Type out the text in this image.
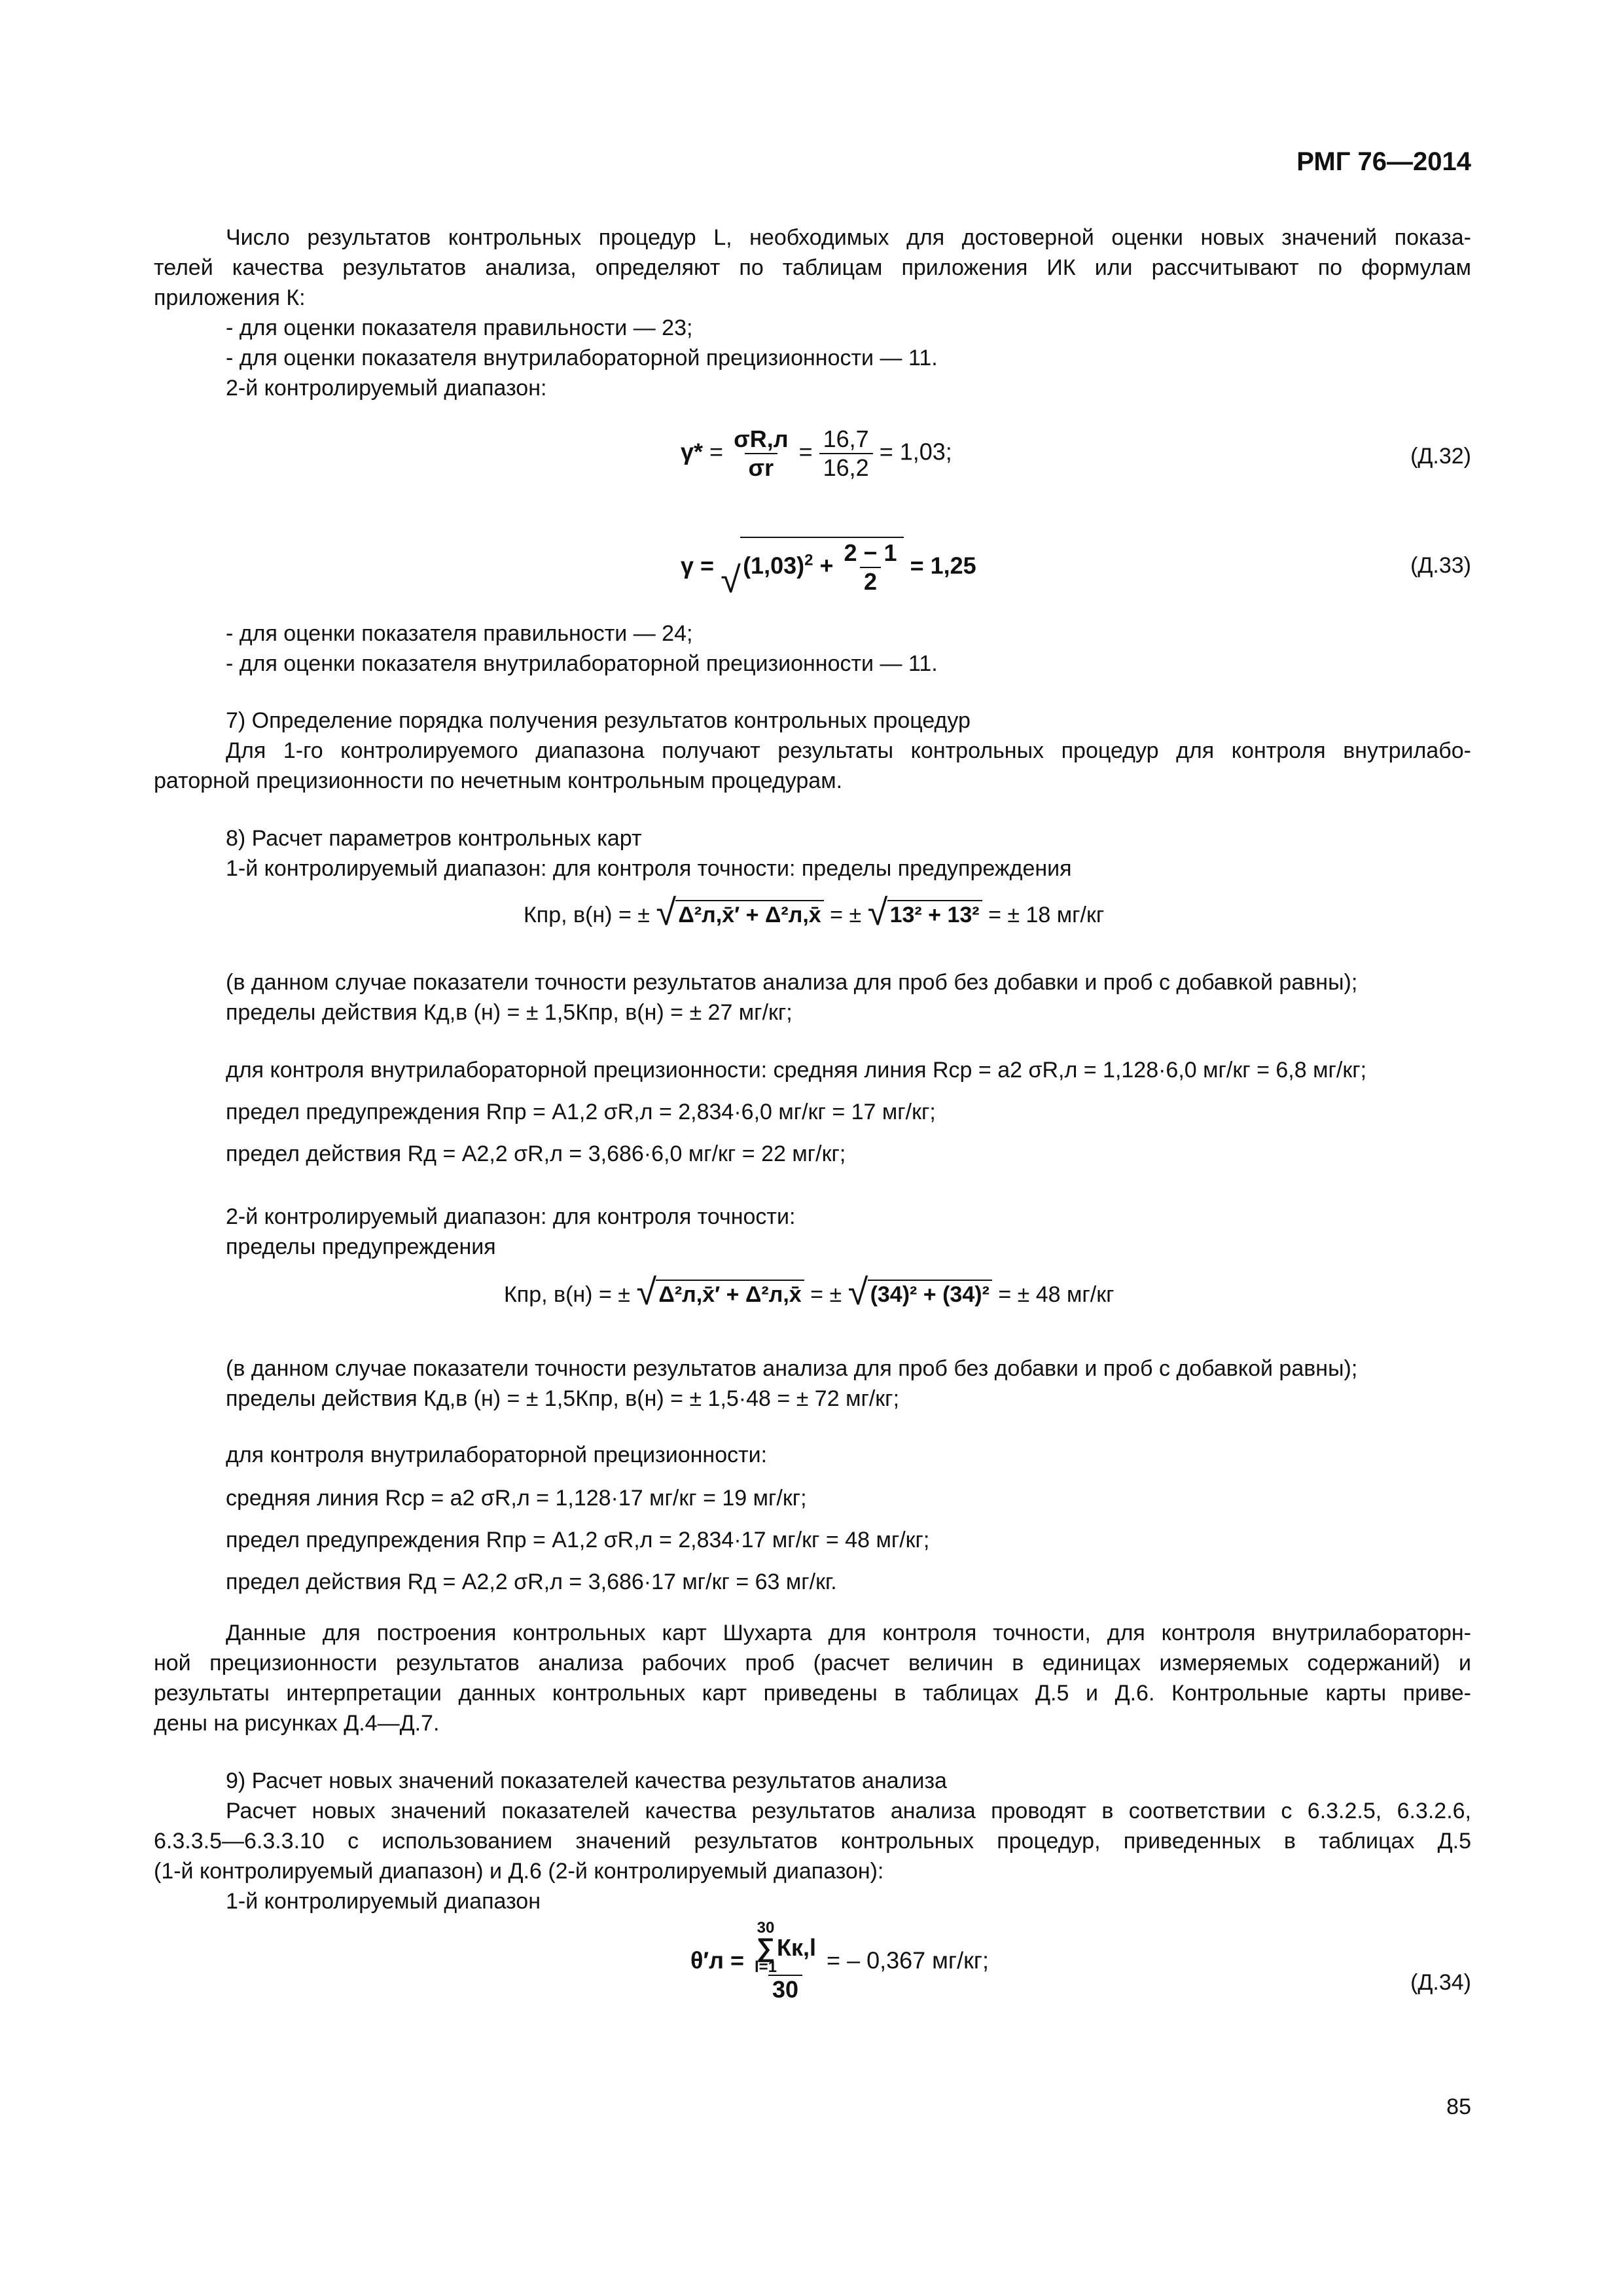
РМГ 76—2014
Число результатов контрольных процедур L, необходимых для достоверной оценки новых значений показа-
телей качества результатов анализа, определяют по таблицам приложения ИК или рассчитывают по формулам
приложения К:
- для оценки показателя правильности — 23;
- для оценки показателя внутрилабораторной прецизионности — 11.
2-й контролируемый диапазон:
$\gamma* = \frac{\sigma R,л}{\sigma r} = \frac{16,7}{16,2} = 1,03$;	(Д.32)
γ = √ $(1,03)^2 + \frac{2 - 1}{2} = 1,25$	(Д.33)
- для оценки показателя правильности — 24;
- для оценки показателя внутрилабораторной прецизионности — 11.
7) Определение порядка получения результатов контрольных процедур
Для 1-го контролируемого диапазона получают результаты контрольных процедур для контроля внутрилабо-
раторной прецизионности по нечетным контрольным процедурам.
8) Расчет параметров контрольных карт
1-й контролируемый диапазон: для контроля точности: пределы предупреждения
Кпр, в(н) = ± √ Δ²л,x̄′ + Δ²л,x̄ = ± √ 13² + 13² = ± 18 мг/кг
(в данном случае показатели точности результатов анализа для проб без добавки и проб с добавкой равны);
пределы действия Кд,в (н) = ± 1,5Кпр, в(н) = ± 27 мг/кг;
для контроля внутрилабораторной прецизионности: средняя линия Rср = a2 σR,л = 1,128·6,0 мг/кг = 6,8 мг/кг;
предел предупреждения Rпр = A1,2 σR,л = 2,834·6,0 мг/кг = 17 мг/кг;
предел действия Rд = A2,2 σR,л = 3,686·6,0 мг/кг = 22 мг/кг;
2-й контролируемый диапазон: для контроля точности:
пределы предупреждения
Кпр, в(н) = ± √ Δ²л,x̄′ + Δ²л,x̄ = ± √ (34)² + (34)² = ± 48 мг/кг
(в данном случае показатели точности результатов анализа для проб без добавки и проб с добавкой равны);
пределы действия Кд,в (н) = ± 1,5Кпр, в(н) = ± 1,5·48 = ± 72 мг/кг;
для контроля внутрилабораторной прецизионности:
средняя линия Rср = a2 σR,л = 1,128·17 мг/кг = 19 мг/кг;
предел предупреждения Rпр = A1,2 σR,л = 2,834·17 мг/кг = 48 мг/кг;
предел действия Rд = A2,2 σR,л = 3,686·17 мг/кг = 63 мг/кг.
Данные для построения контрольных карт Шухарта для контроля точности, для контроля внутрилабораторн-
ной прецизионности результатов анализа рабочих проб (расчет величин в единицах измеряемых содержаний) и
результаты интерпретации данных контрольных карт приведены в таблицах Д.5 и Д.6. Контрольные карты приве-
дены на рисунках Д.4—Д.7.
9) Расчет новых значений показателей качества результатов анализа
Расчет новых значений показателей качества результатов анализа проводят в соответствии с 6.3.2.5, 6.3.2.6,
6.3.3.5—6.3.3.10 с использованием значений результатов контрольных процедур, приведенных в таблицах Д.5
(1-й контролируемый диапазон) и Д.6 (2-й контролируемый диапазон):
1-й контролируемый диапазон
θ′л = 30
∑
l=1
Кк,l
30 = – 0,367 мг/кг;
(Д.34)
85
